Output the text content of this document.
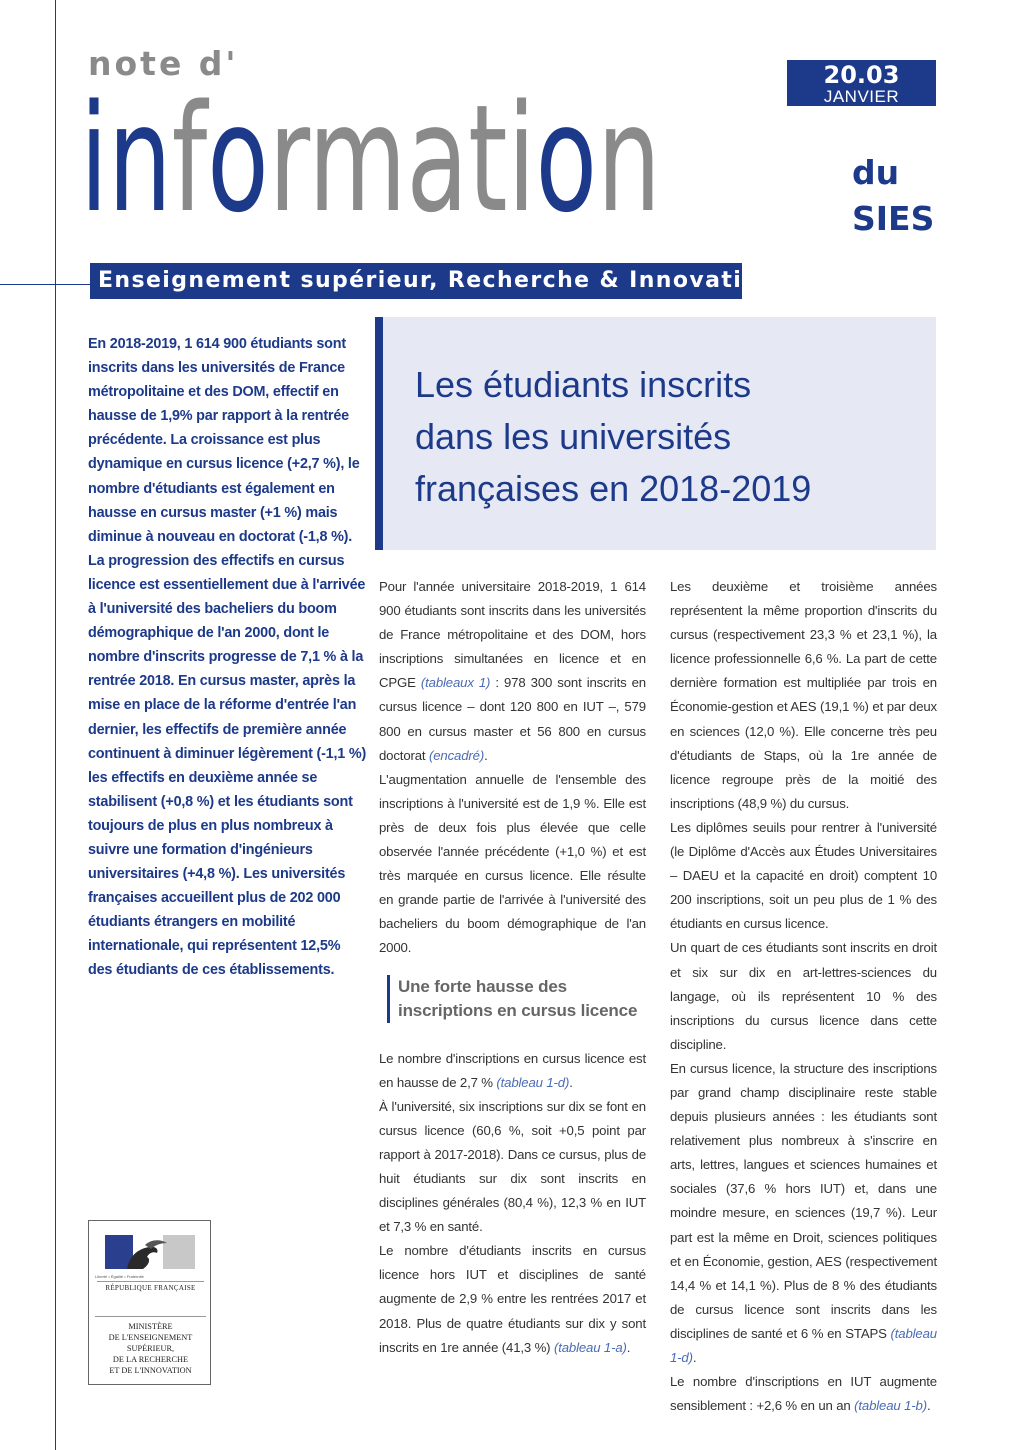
note d'
information	20.03
JANVIER
du
SIES
Enseignement supérieur, Recherche & Innovation

En 2018-2019, 1 614 900 étudiants sont inscrits dans les universités de France métropolitaine et des DOM, effectif en hausse de 1,9% par rapport à la rentrée précédente. La croissance est plus dynamique en cursus licence (+2,7 %), le nombre d'étudiants est également en hausse en cursus master (+1 %) mais diminue à nouveau en doctorat (-1,8 %). La progression des effectifs en cursus licence est essentiellement due à l'arrivée à l'université des bacheliers du boom démographique de l'an 2000, dont le nombre d'inscrits progresse de 7,1 % à la rentrée 2018. En cursus master, après la mise en place de la réforme d'entrée l'an dernier, les effectifs de première année continuent à diminuer légèrement (-1,1 %) les effectifs en deuxième année se stabilisent (+0,8 %) et les étudiants sont toujours de plus en plus nombreux à suivre une formation d'ingénieurs universitaires (+4,8 %). Les universités françaises accueillent plus de 202 000 étudiants étrangers en mobilité internationale, qui représentent 12,5% des étudiants de ces établissements.

Les étudiants inscrits
dans les universités
françaises en 2018-2019

Pour l'année universitaire 2018-2019, 1 614 900 étudiants sont inscrits dans les universités de France métropolitaine et des DOM, hors inscriptions simultanées en licence et en CPGE (tableaux 1) : 978 300 sont inscrits en cursus licence – dont 120 800 en IUT –, 579 800 en cursus master et 56 800 en cursus doctorat (encadré).

L'augmentation annuelle de l'ensemble des inscriptions à l'université est de 1,9 %. Elle est près de deux fois plus élevée que celle observée l'année précédente (+1,0 %) et est très marquée en cursus licence. Elle résulte en grande partie de l'arrivée à l'université des bacheliers du boom démographique de l'an 2000.

Une forte hausse des inscriptions en cursus licence

Le nombre d'inscriptions en cursus licence est en hausse de 2,7 % (tableau 1-d).

À l'université, six inscriptions sur dix se font en cursus licence (60,6 %, soit +0,5 point par rapport à 2017-2018). Dans ce cursus, plus de huit étudiants sur dix sont inscrits en disciplines générales (80,4 %), 12,3 % en IUT et 7,3 % en santé.

Le nombre d'étudiants inscrits en cursus licence hors IUT et disciplines de santé augmente de 2,9 % entre les rentrées 2017 et 2018. Plus de quatre étudiants sur dix y sont inscrits en 1re année (41,3 %) (tableau 1-a).

Les deuxième et troisième années représentent la même proportion d'inscrits du cursus (respectivement 23,3 % et 23,1 %), la licence professionnelle 6,6 %. La part de cette dernière formation est multipliée par trois en Économie-gestion et AES (19,1 %) et par deux en sciences (12,0 %). Elle concerne très peu d'étudiants de Staps, où la 1re année de licence regroupe près de la moitié des inscriptions (48,9 %) du cursus.

Les diplômes seuils pour rentrer à l'université (le Diplôme d'Accès aux Études Universitaires – DAEU et la capacité en droit) comptent 10 200 inscriptions, soit un peu plus de 1 % des étudiants en cursus licence.

Un quart de ces étudiants sont inscrits en droit et six sur dix en art-lettres-sciences du langage, où ils représentent 10 % des inscriptions du cursus licence dans cette discipline.

En cursus licence, la structure des inscriptions par grand champ disciplinaire reste stable depuis plusieurs années : les étudiants sont relativement plus nombreux à s'inscrire en arts, lettres, langues et sciences humaines et sociales (37,6 % hors IUT) et, dans une moindre mesure, en sciences (19,7 %). Leur part est la même en Droit, sciences politiques et en Économie, gestion, AES (respectivement 14,4 % et 14,1 %). Plus de 8 % des étudiants de cursus licence sont inscrits dans les disciplines de santé et 6 % en STAPS (tableau 1-d).

Le nombre d'inscriptions en IUT augmente sensiblement : +2,6 % en un an (tableau 1-b).

Liberté • Égalité • Fraternité
RÉPUBLIQUE FRANÇAISE
MINISTÈRE
DE L'ENSEIGNEMENT
SUPÉRIEUR,
DE LA RECHERCHE
ET DE L'INNOVATION
